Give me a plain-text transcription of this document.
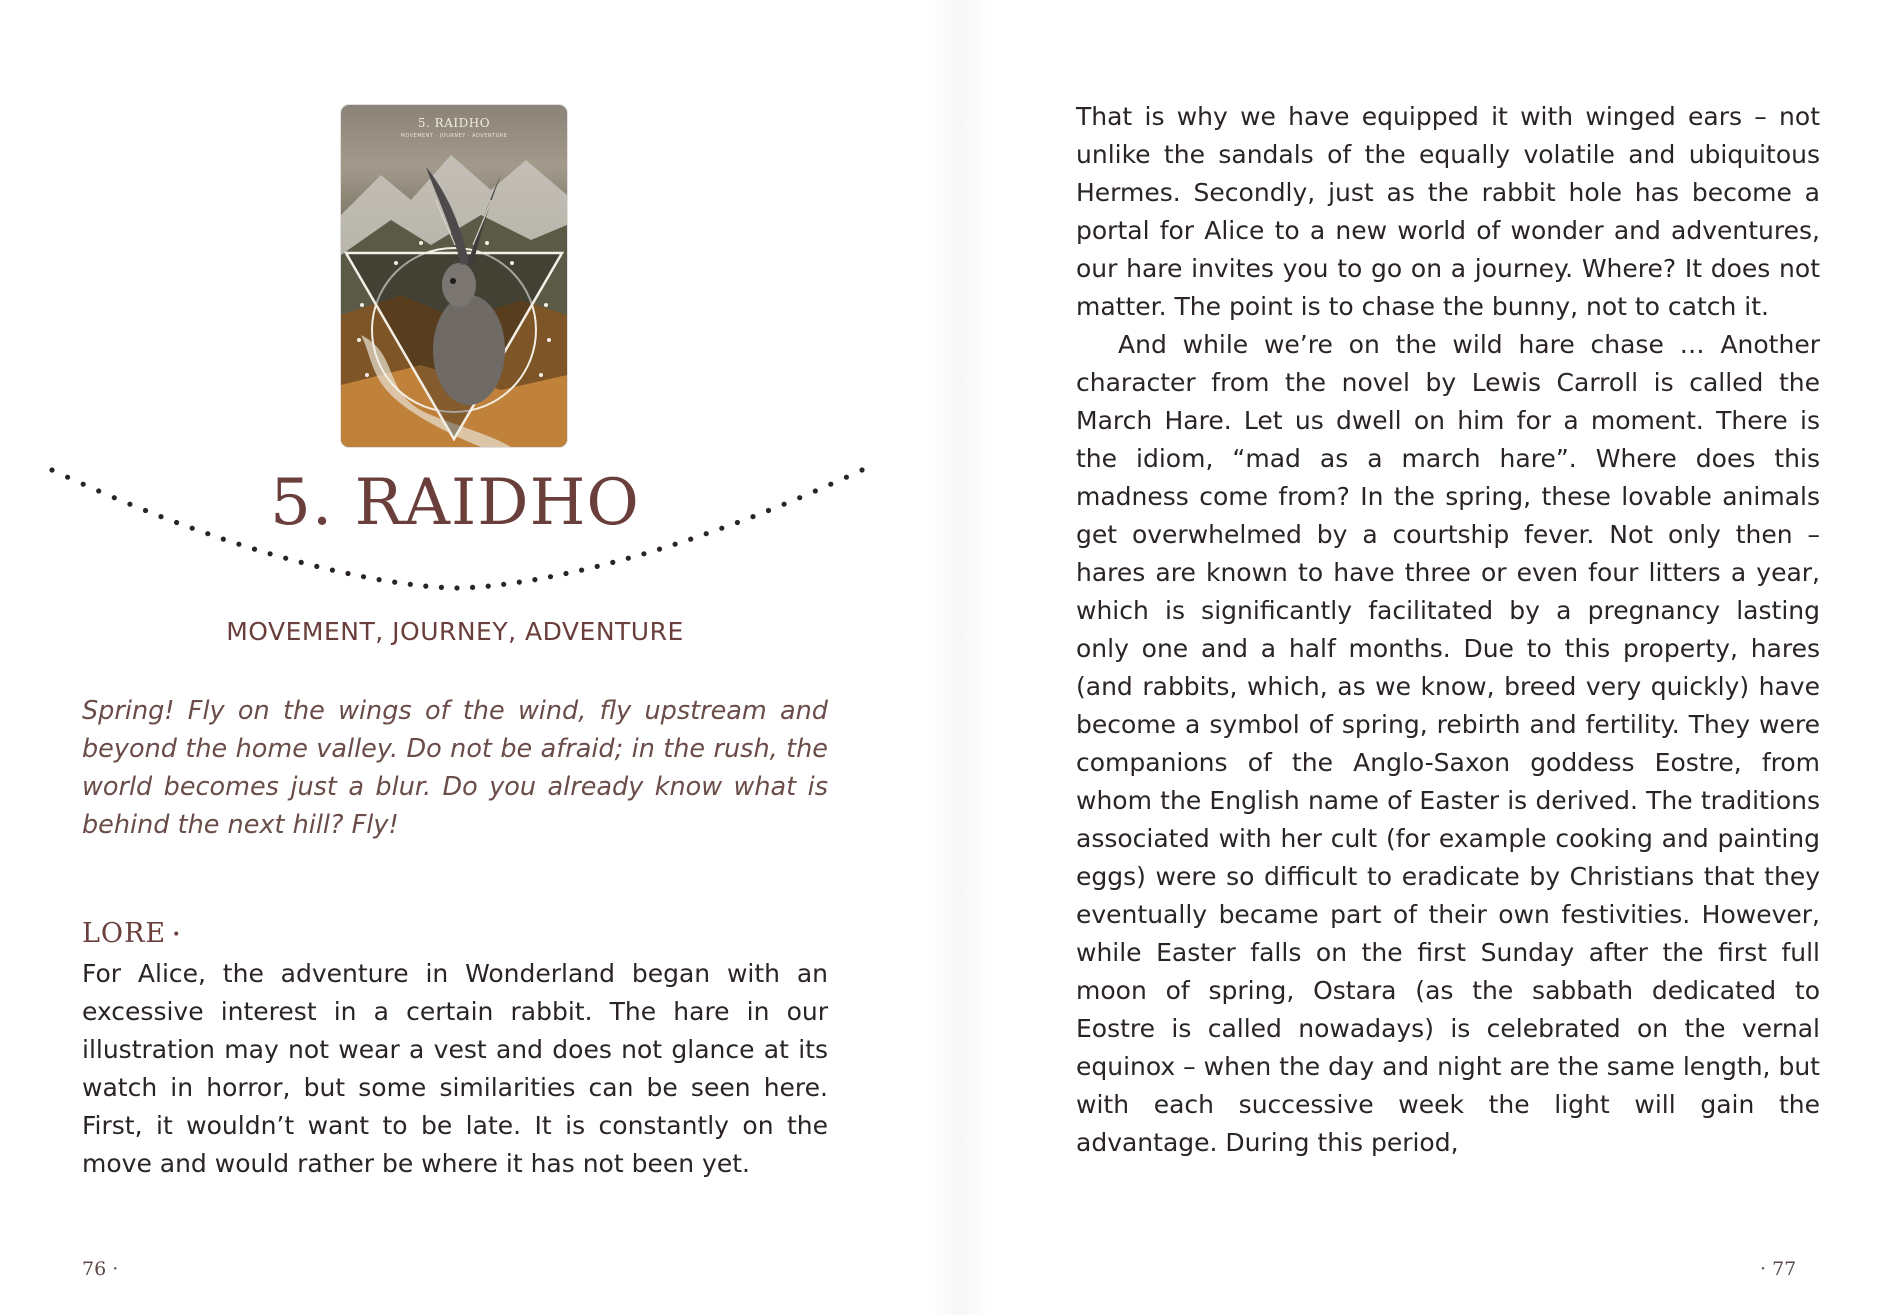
5. RAIDHO
MOVEMENT · JOURNEY · ADVENTURE
5. RAIDHO

MOVEMENT, JOURNEY, ADVENTURE

Spring! Fly on the wings of the wind, fly upstream and beyond the home valley. Do not be afraid; in the rush, the world becomes just a blur. Do you already know what is behind the next hill? Fly!

LORE •

For Alice, the adventure in Wonderland began with an excessive interest in a certain rabbit. The hare in our illustration may not wear a vest and does not glance at its watch in horror, but some similarities can be seen here. First, it wouldn’t want to be late. It is constantly on the move and would rather be where it has not been yet.

76 ·

That is why we have equipped it with winged ears – not unlike the sandals of the equally volatile and ubiquitous Hermes. Secondly, just as the rabbit hole has become a portal for Alice to a new world of wonder and adventures, our hare invites you to go on a journey. Where? It does not matter. The point is to chase the bunny, not to catch it.

And while we’re on the wild hare chase … Another character from the novel by Lewis Carroll is called the March Hare. Let us dwell on him for a moment. There is the idiom, “mad as a march hare”. Where does this madness come from? In the spring, these lovable animals get overwhelmed by a courtship fever. Not only then – hares are known to have three or even four litters a year, which is significantly facilitated by a pregnancy lasting only one and a half months. Due to this property, hares (and rabbits, which, as we know, breed very quickly) have become a symbol of spring, rebirth and fertility. They were companions of the Anglo-Saxon goddess Eostre, from whom the English name of Easter is derived. The traditions associated with her cult (for example cooking and painting eggs) were so difficult to eradicate by Christians that they eventually became part of their own festivities. However, while Easter falls on the first Sunday after the first full moon of spring, Ostara (as the sabbath dedicated to Eostre is called nowadays) is celebrated on the vernal equinox – when the day and night are the same length, but with each successive week the light will gain the advantage. During this period,

· 77
